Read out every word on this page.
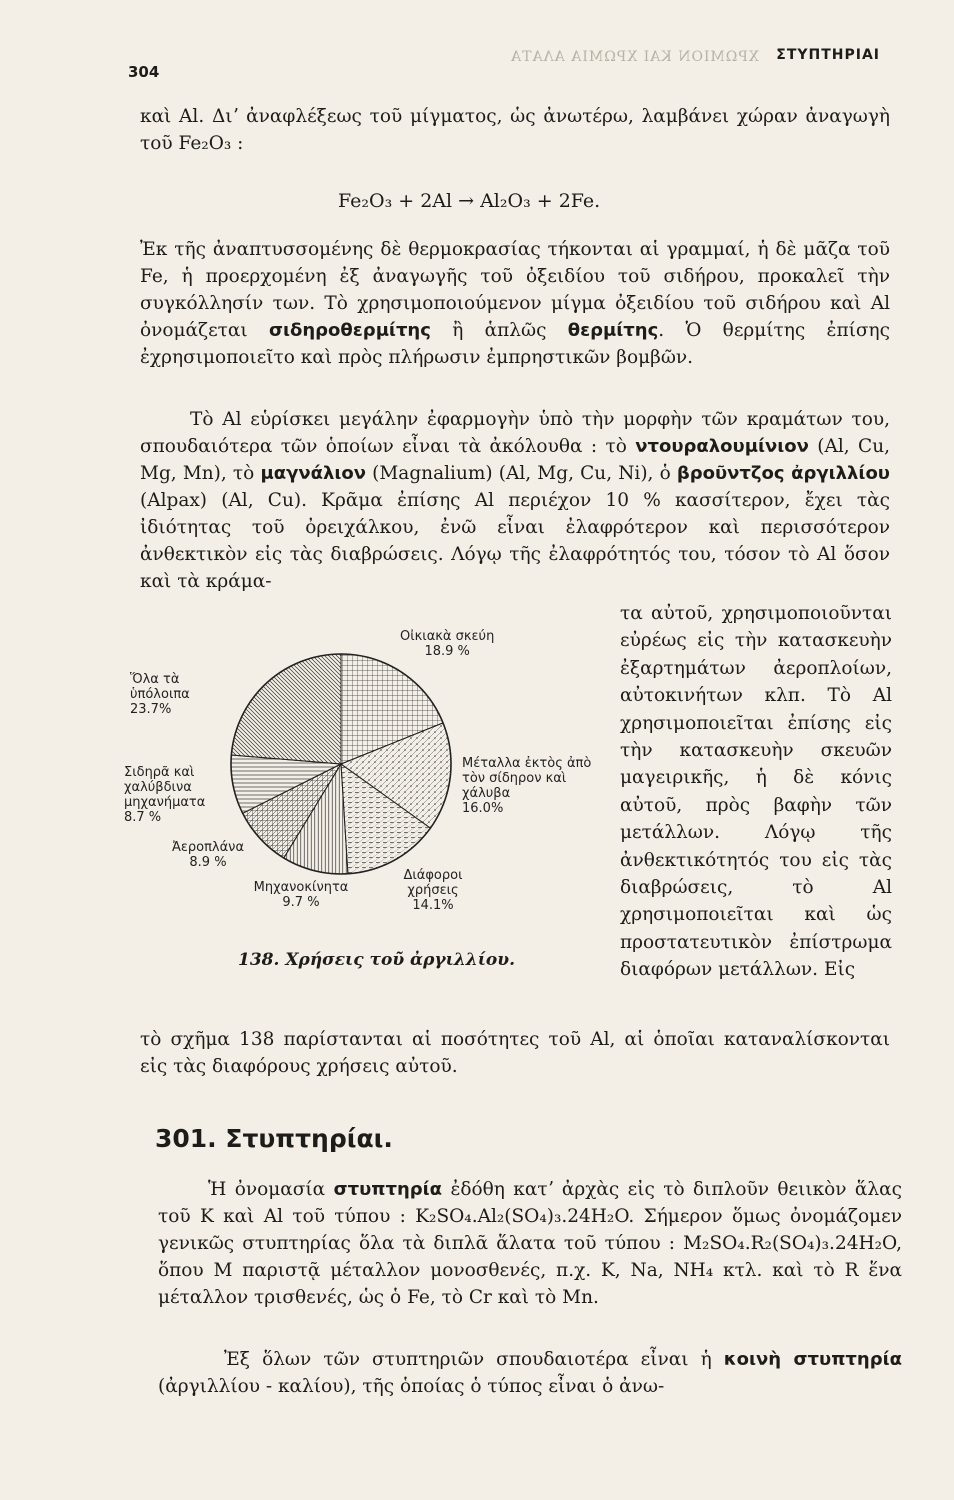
ΧΡΩΜΙΟΝ ΚΑΙ ΧΡΩΜΙΑ ΑΛΑΤΑ
304
ΣΤΥΠΤΗΡΙΑΙ

καὶ Al. Διʼ ἀναφλέξεως τοῦ μίγματος, ὡς ἀνωτέρω, λαμβάνει χώραν ἀναγωγὴ τοῦ Fe₂O₃ :

Fe₂O₃ + 2Al → Al₂O₃ + 2Fe.

Ἐκ τῆς ἀναπτυσσομένης δὲ θερμοκρασίας τήκονται αἱ γραμμαί, ἡ δὲ μᾶζα τοῦ Fe, ἡ προερχομένη ἐξ ἀναγωγῆς τοῦ ὀξειδίου τοῦ σιδήρου, προκαλεῖ τὴν συγκόλλησίν των. Τὸ χρησιμοποιούμενον μίγμα ὀξειδίου τοῦ σιδήρου καὶ Al ὀνομάζεται σιδηροθερμίτης ἢ ἁπλῶς θερμίτης. Ὁ θερμίτης ἐπίσης ἐχρησιμοποιεῖτο καὶ πρὸς πλήρωσιν ἐμπρηστικῶν βομβῶν.

Τὸ Al εὑρίσκει μεγάλην ἐφαρμογὴν ὑπὸ τὴν μορφὴν τῶν κραμάτων του, σπουδαιότερα τῶν ὁποίων εἶναι τὰ ἀκόλουθα : τὸ ντουραλουμίνιον (Al, Cu, Mg, Mn), τὸ μαγνάλιον (Magnalium) (Al, Mg, Cu, Ni), ὁ βροῦντζος ἀργιλλίου (Alpax) (Al, Cu). Κρᾶμα ἐπίσης Al περιέχον 10 % κασσίτερον, ἔχει τὰς ἰδιότητας τοῦ ὀρειχάλκου, ἐνῶ εἶναι ἐλαφρότερον καὶ περισσότερον ἀνθεκτικὸν εἰς τὰς διαβρώσεις. Λόγῳ τῆς ἐλαφρότητός του, τόσον τὸ Al ὅσον καὶ τὰ κράμα-

τα αὐτοῦ, χρησιμοποιοῦνται εὐρέως εἰς τὴν κατασκευὴν ἐξαρτημάτων ἀεροπλοίων, αὐτοκινήτων κλπ. Τὸ Al χρησιμοποιεῖται ἐπίσης εἰς τὴν κατασκευὴν σκευῶν μαγειρικῆς, ἡ δὲ κόνις αὐτοῦ, πρὸς βαφὴν τῶν μετάλλων. Λόγῳ τῆς ἀνθεκτικότητός του εἰς τὰς διαβρώσεις, τὸ Al χρησιμοποιεῖται καὶ ὡς προστατευτικὸν ἐπίστρωμα διαφόρων μετάλλων. Εἰς

Οἰκιακὰ σκεύη
18.9 %
Μέταλλα ἐκτὸς ἀπὸ τὸν σίδηρον καὶ χάλυβα
16.0%
Διάφοροι χρήσεις
14.1%
Μηχανοκίνητα
9.7 %
Ἀεροπλάνα
8.9 %
Σιδηρᾶ καὶ χαλύβδινα μηχανήματα
8.7 %
Ὅλα τὰ ὑπόλοιπα
23.7%
138. Χρήσεις τοῦ ἀργιλλίου.

τὸ σχῆμα 138 παρίστανται αἱ ποσότητες τοῦ Al, αἱ ὁποῖαι καταναλίσκονται εἰς τὰς διαφόρους χρήσεις αὐτοῦ.

301. Στυπτηρίαι.

Ἡ ὀνομασία στυπτηρία ἐδόθη κατʼ ἀρχὰς εἰς τὸ διπλοῦν θειικὸν ἅλας τοῦ K καὶ Al τοῦ τύπου : K₂SO₄.Al₂(SO₄)₃.24H₂O. Σήμερον ὅμως ὀνομάζομεν γενικῶς στυπτηρίας ὅλα τὰ διπλᾶ ἅλατα τοῦ τύπου : M₂SO₄.R₂(SO₄)₃.24H₂O, ὅπου M παριστᾷ μέταλλον μονοσθενές, π.χ. K, Na, NH₄ κτλ. καὶ τὸ R ἕνα μέταλλον τρισθενές, ὡς ὁ Fe, τὸ Cr καὶ τὸ Mn.

Ἐξ ὅλων τῶν στυπτηριῶν σπουδαιοτέρα εἶναι ἡ κοινὴ στυπτηρία (ἀργιλλίου - καλίου), τῆς ὁποίας ὁ τύπος εἶναι ὁ ἀνω-
